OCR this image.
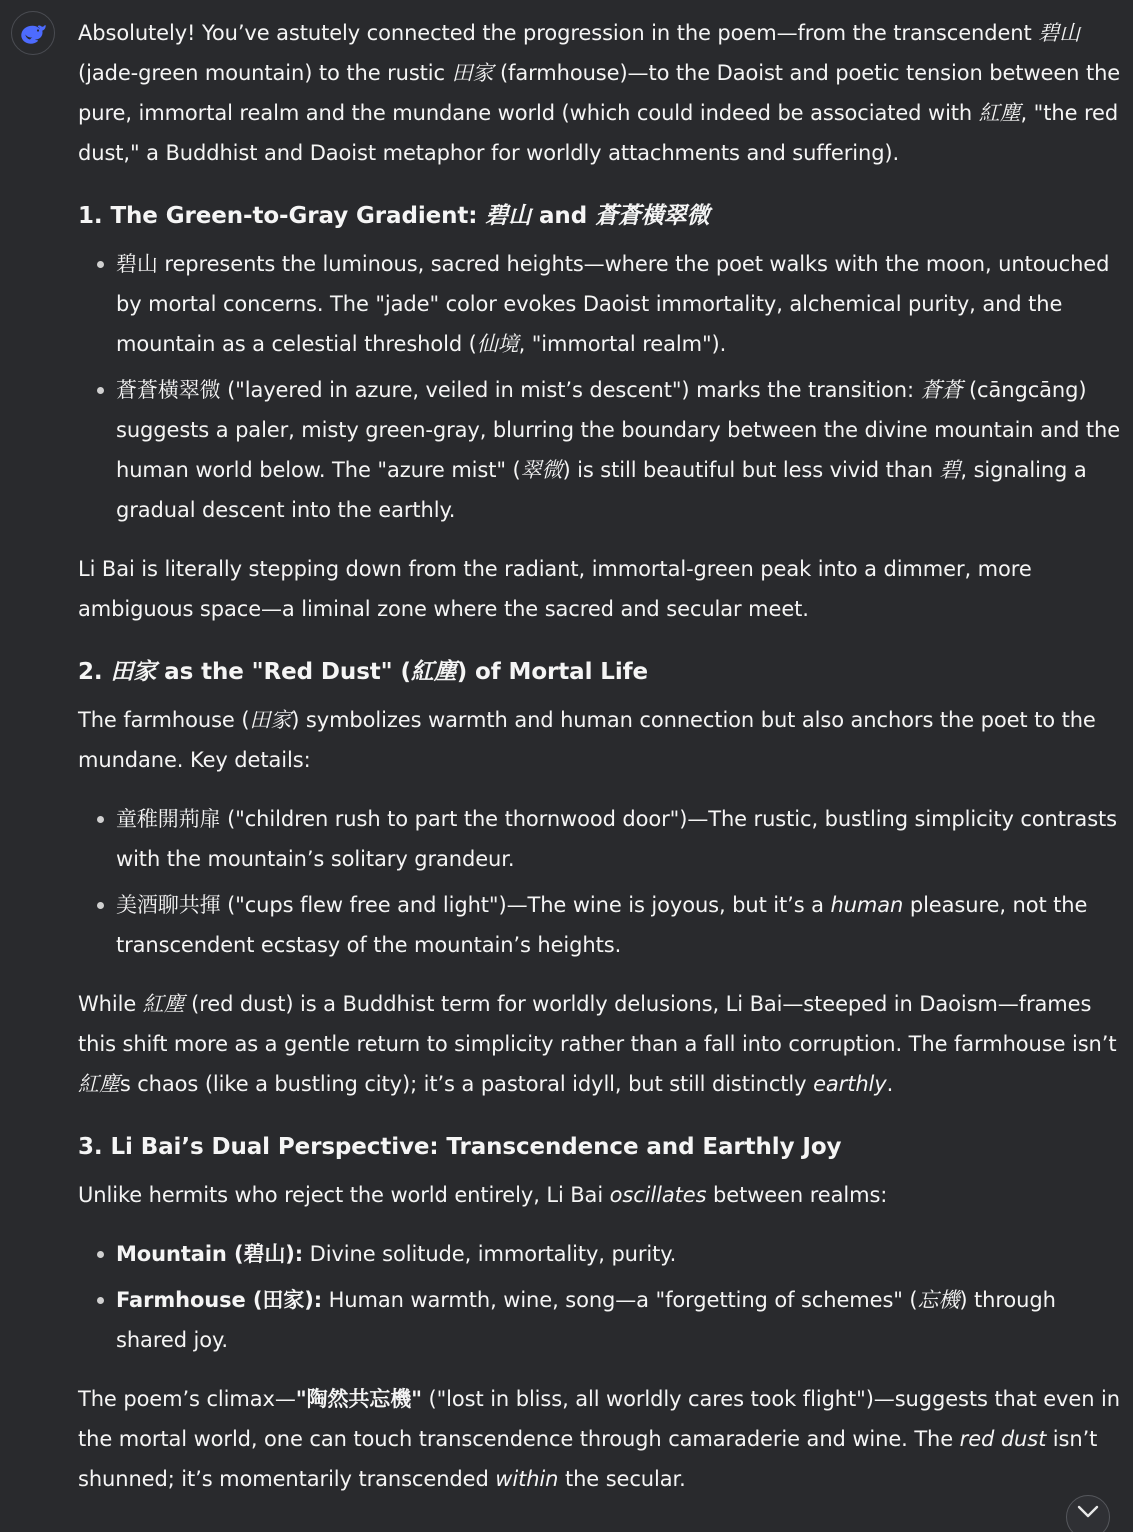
Absolutely! You’ve astutely connected the progression in the poem—from the transcendent 碧山 (jade-green mountain) to the rustic 田家 (farmhouse)—to the Daoist and poetic tension between the pure, immortal realm and the mundane world (which could indeed be associated with 紅塵, "the red dust," a Buddhist and Daoist metaphor for worldly attachments and suffering).

1. The Green-to-Gray Gradient: 碧山 and 蒼蒼橫翠微
碧山 represents the luminous, sacred heights—where the poet walks with the moon, untouched by mortal concerns. The "jade" color evokes Daoist immortality, alchemical purity, and the mountain as a celestial threshold (仙境, "immortal realm").
蒼蒼橫翠微 ("layered in azure, veiled in mist’s descent") marks the transition: 蒼蒼 (cāngcāng) suggests a paler, misty green-gray, blurring the boundary between the divine mountain and the human world below. The "azure mist" (翠微) is still beautiful but less vivid than 碧, signaling a gradual descent into the earthly.

Li Bai is literally stepping down from the radiant, immortal-green peak into a dimmer, more ambiguous space—a liminal zone where the sacred and secular meet.

2. 田家 as the "Red Dust" (紅塵) of Mortal Life

The farmhouse (田家) symbolizes warmth and human connection but also anchors the poet to the mundane. Key details:

童稚開荊扉 ("children rush to part the thornwood door")—The rustic, bustling simplicity contrasts with the mountain’s solitary grandeur.
美酒聊共揮 ("cups flew free and light")—The wine is joyous, but it’s a human pleasure, not the transcendent ecstasy of the mountain’s heights.

While 紅塵 (red dust) is a Buddhist term for worldly delusions, Li Bai—steeped in Daoism—frames this shift more as a gentle return to simplicity rather than a fall into corruption. The farmhouse isn’t 紅塵s chaos (like a bustling city); it’s a pastoral idyll, but still distinctly earthly.

3. Li Bai’s Dual Perspective: Transcendence and Earthly Joy

Unlike hermits who reject the world entirely, Li Bai oscillates between realms:

Mountain (碧山): Divine solitude, immortality, purity.
Farmhouse (田家): Human warmth, wine, song—a "forgetting of schemes" (忘機) through shared joy.

The poem’s climax—"陶然共忘機" ("lost in bliss, all worldly cares took flight")—suggests that even in the mortal world, one can touch transcendence through camaraderie and wine. The red dust isn’t shunned; it’s momentarily transcended within the secular.
